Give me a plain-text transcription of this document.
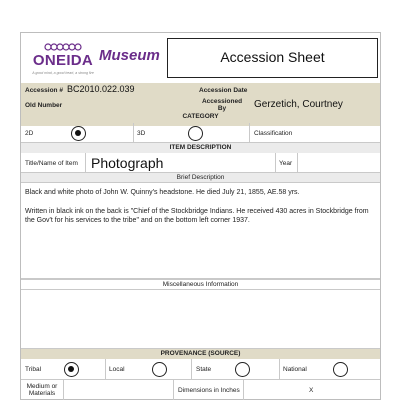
ONEIDA
A good mind, a good heart, a strong fire
Museum	Accession Sheet
Accession # BC2010.022.039	Accession Date
Old Number
Accessioned By	Gerzetich, Courtney
CATEGORY
2D	3D	Classification
ITEM DESCRIPTION
Title/Name of Item Photograph	Year
Brief Description
Black and white photo of John W. Quinny's headstone. He died July 21, 1855, AE.58 yrs.
Written in black ink on the back is "Chief of the Stockbridge Indians. He received 430 acres in Stockbridge from the Gov't for his services to the tribe" and on the bottom left corner 1937.
Miscellaneous Information
PROVENANCE (SOURCE)
Tribal	Local	State	National
Medium or Materials	Dimensions in Inches	X
